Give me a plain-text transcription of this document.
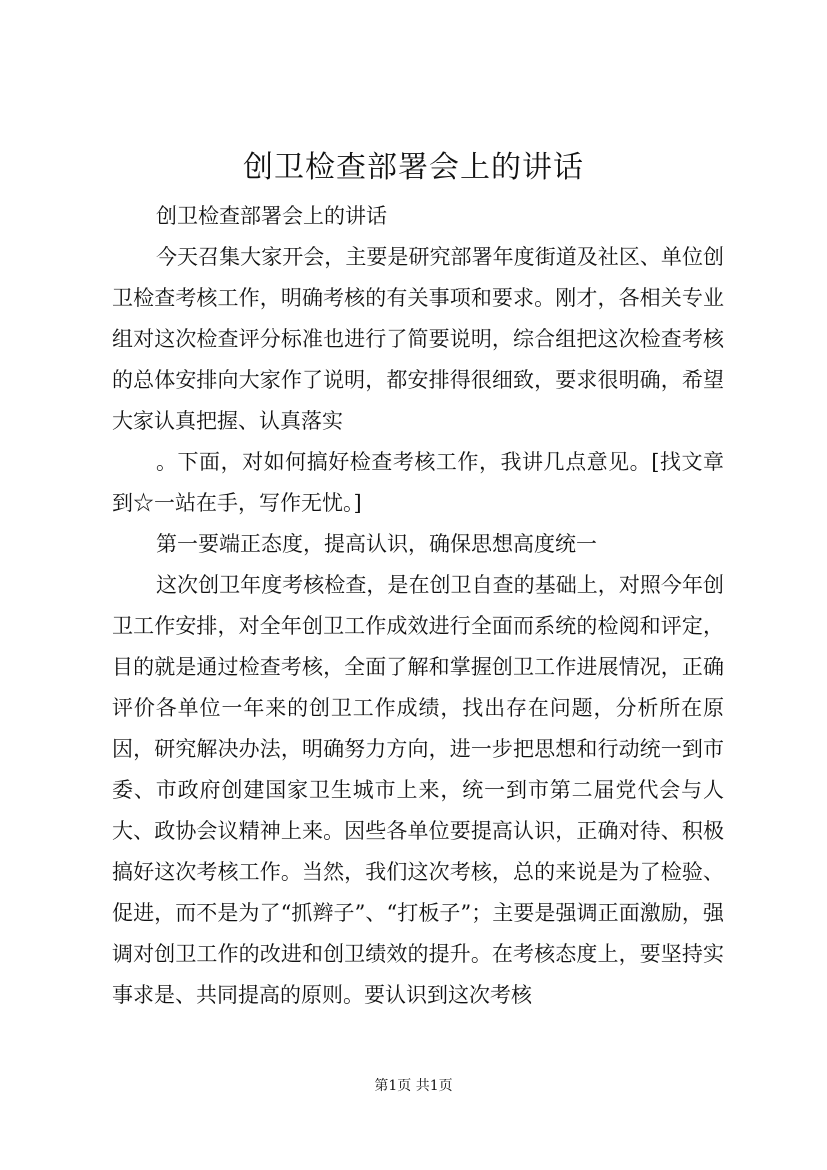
创卫检查部署会上的讲话

创卫检查部署会上的讲话

今天召集大家开会，主要是研究部署年度街道及社区、单位创卫检查考核工作，明确考核的有关事项和要求。刚才，各相关专业组对这次检查评分标准也进行了简要说明，综合组把这次检查考核的总体安排向大家作了说明，都安排得很细致，要求很明确，希望大家认真把握、认真落实

。下面，对如何搞好检查考核工作，我讲几点意见。[找文章到☆一站在手，写作无忧。]

第一要端正态度，提高认识，确保思想高度统一

这次创卫年度考核检查，是在创卫自查的基础上，对照今年创卫工作安排，对全年创卫工作成效进行全面而系统的检阅和评定，目的就是通过检查考核，全面了解和掌握创卫工作进展情况，正确评价各单位一年来的创卫工作成绩，找出存在问题，分析所在原因，研究解决办法，明确努力方向，进一步把思想和行动统一到市委、市政府创建国家卫生城市上来，统一到市第二届党代会与人大、政协会议精神上来。因些各单位要提高认识，正确对待、积极搞好这次考核工作。当然，我们这次考核，总的来说是为了检验、促进，而不是为了“抓辫子”、“打板子”；主要是强调正面激励，强调对创卫工作的改进和创卫绩效的提升。在考核态度上，要坚持实事求是、共同提高的原则。要认识到这次考核

第1页 共1页
